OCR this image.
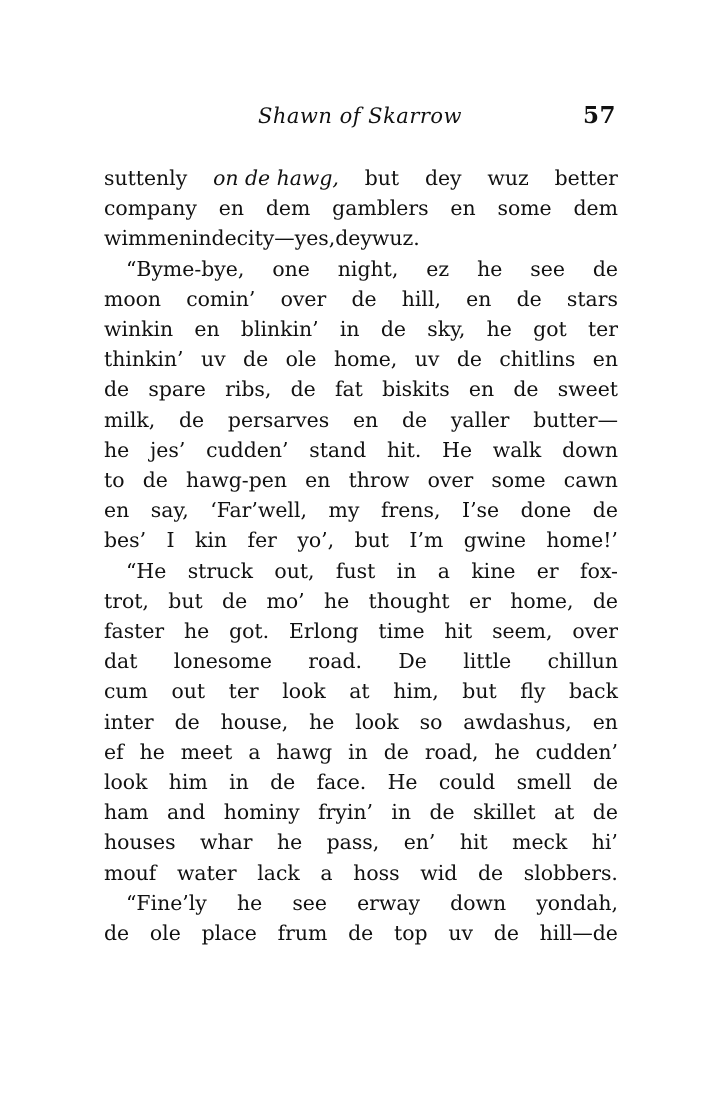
Shawn of Skarrow	57
suttenly on de hawg, but dey wuz better
company en dem gamblers en some dem
wimmen in de city—yes, dey wuz.
“Byme-bye, one night, ez he see de
moon comin’ over de hill, en de stars
winkin en blinkin’ in de sky, he got ter
thinkin’ uv de ole home, uv de chitlins en
de spare ribs, de fat biskits en de sweet
milk, de persarves en de yaller butter—
he jes’ cudden’ stand hit. He walk down
to de hawg-pen en throw over some cawn
en say, ‘Far’well, my frens, I’se done de
bes’ I kin fer yo’, but I’m gwine home!’
“He struck out, fust in a kine er fox-
trot, but de mo’ he thought er home, de
faster he got. Erlong time hit seem, over
dat lonesome road. De little chillun
cum out ter look at him, but fly back
inter de house, he look so awdashus, en
ef he meet a hawg in de road, he cudden’
look him in de face. He could smell de
ham and hominy fryin’ in de skillet at de
houses whar he pass, en’ hit meck hi’
mouf water lack a hoss wid de slobbers.
“Fine’ly he see erway down yondah,
de ole place frum de top uv de hill—de
